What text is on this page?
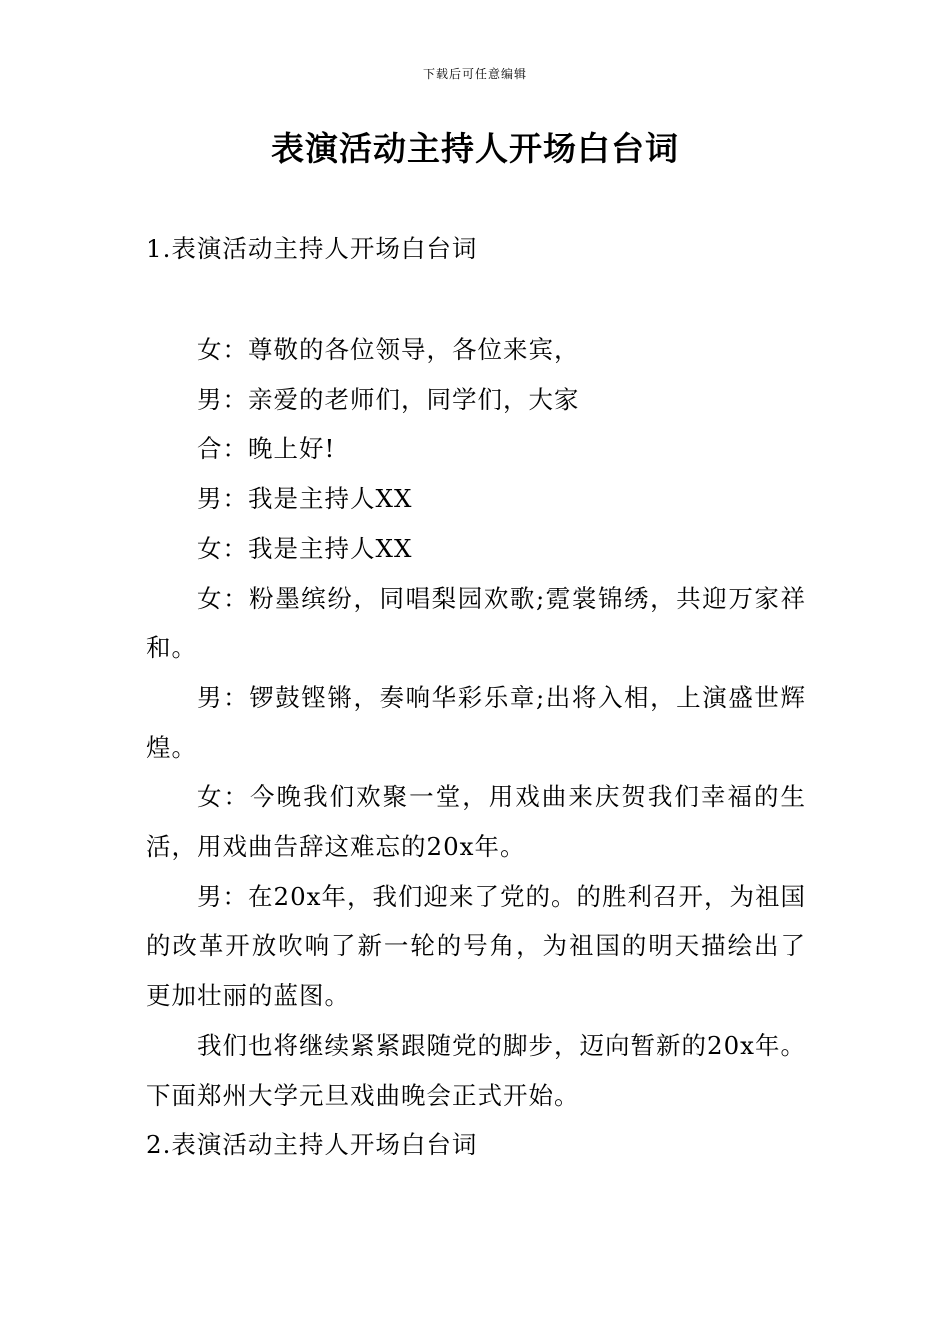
下载后可任意编辑
表演活动主持人开场白台词
1.表演活动主持人开场白台词

女：尊敬的各位领导，各位来宾，

男：亲爱的老师们，同学们，大家

合：晚上好!

男：我是主持人XX

女：我是主持人XX

女：粉墨缤纷，同唱梨园欢歌;霓裳锦绣，共迎万家祥和。

男：锣鼓铿锵，奏响华彩乐章;出将入相，上演盛世辉煌。

女：今晚我们欢聚一堂，用戏曲来庆贺我们幸福的生活，用戏曲告辞这难忘的20x年。

男：在20x年，我们迎来了党的。的胜利召开，为祖国的改革开放吹响了新一轮的号角，为祖国的明天描绘出了更加壮丽的蓝图。

我们也将继续紧紧跟随党的脚步，迈向暂新的20x年。下面郑州大学元旦戏曲晚会正式开始。

2.表演活动主持人开场白台词
